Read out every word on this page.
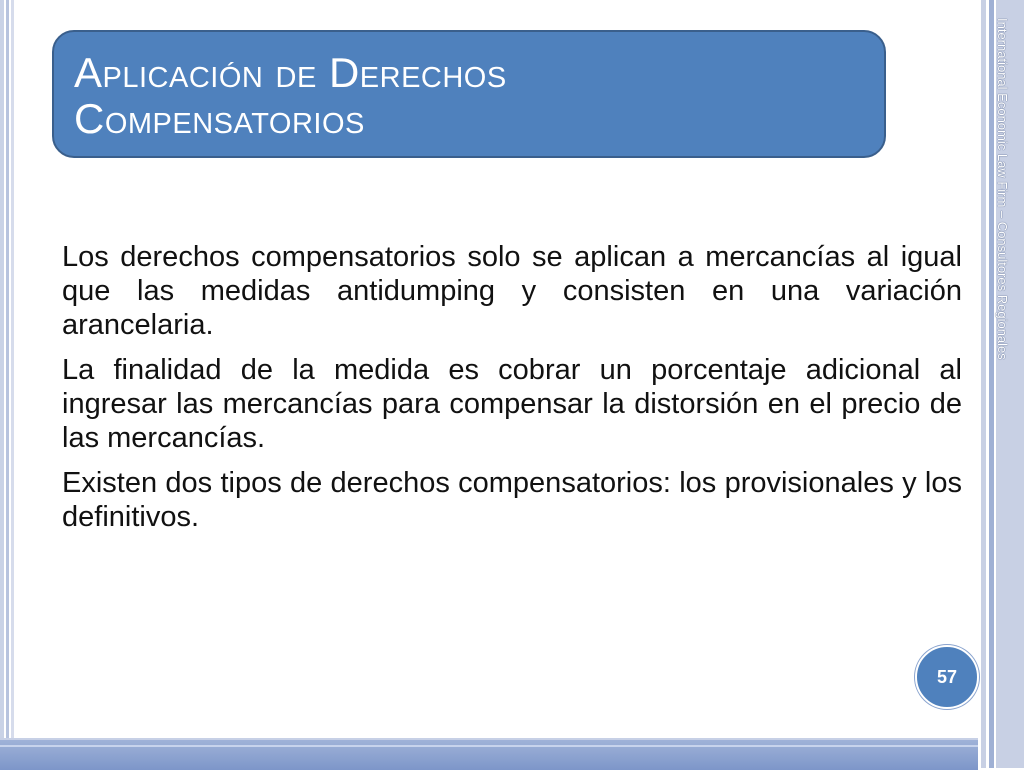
International Economic Law Firm – Consultores Regionales
Aplicación de Derechos
Compensatorios

Los derechos compensatorios solo se aplican a mercancías al igual que las medidas antidumping y consisten en una variación arancelaria.

La finalidad de la medida es cobrar un porcentaje adicional al ingresar las mercancías para compensar la distorsión en el precio de las mercancías.

Existen dos tipos de derechos compensatorios: los provisionales y los definitivos.

57
